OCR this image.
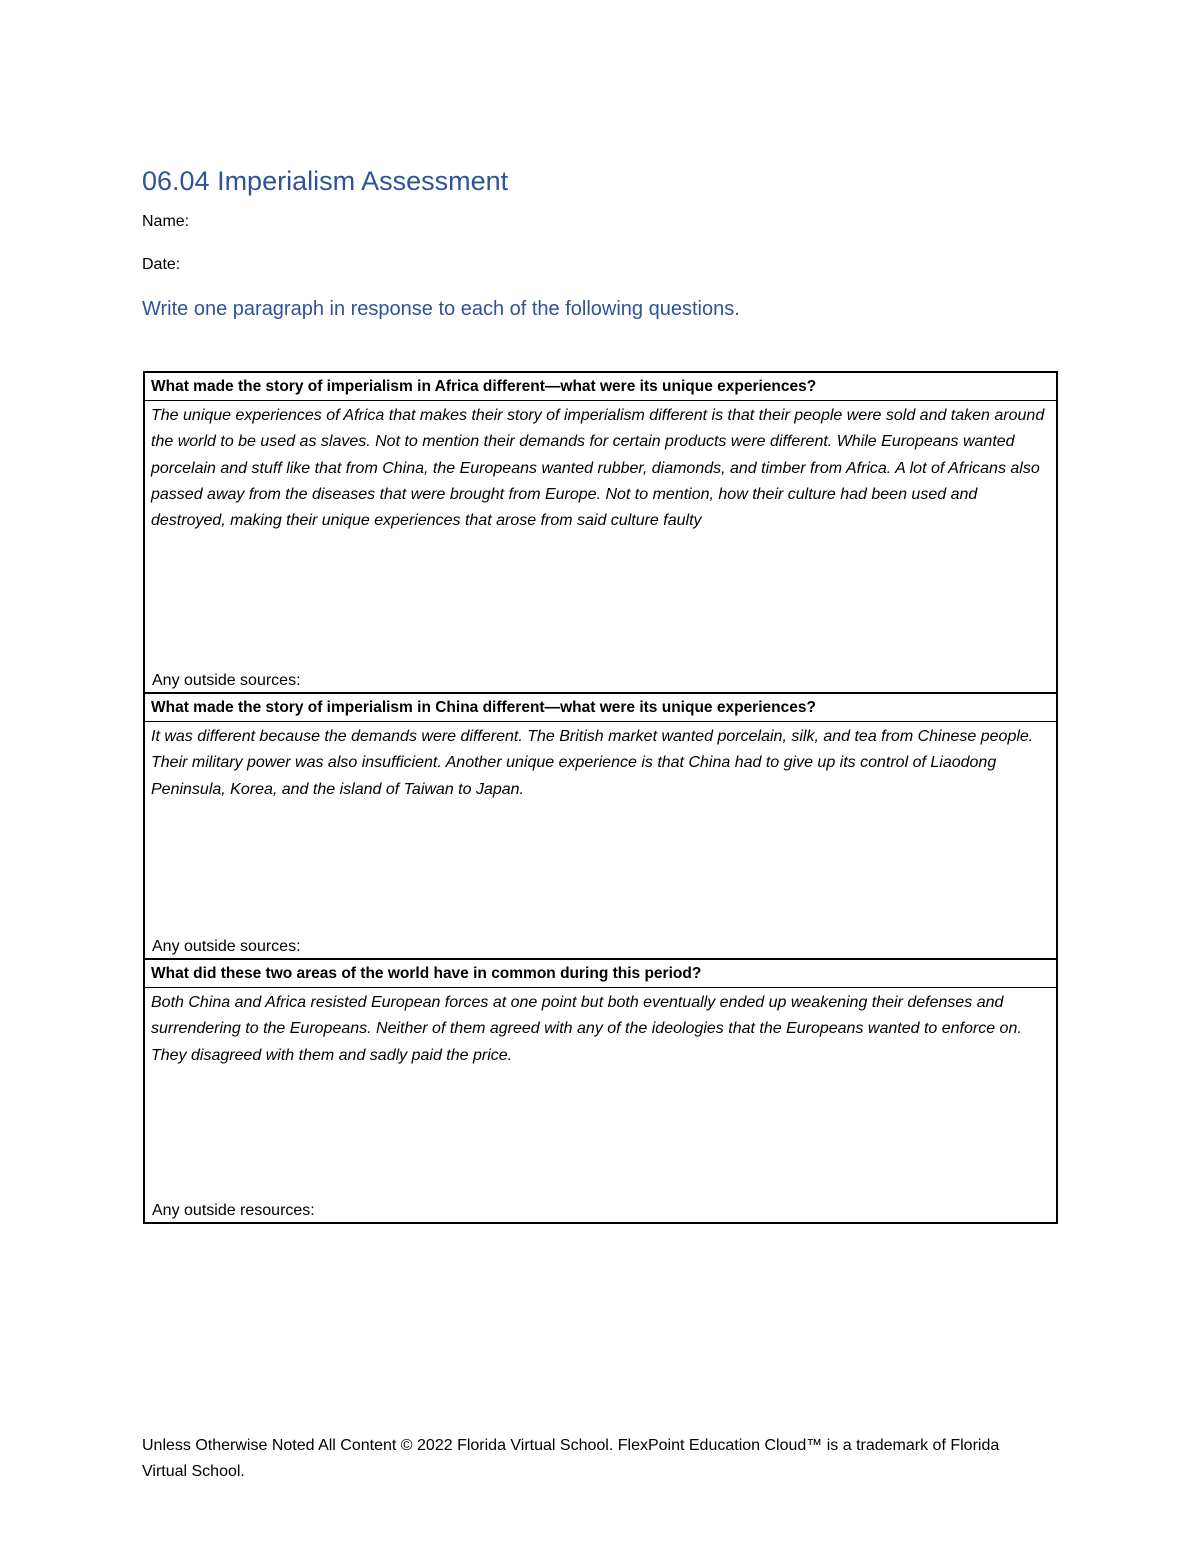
06.04 Imperialism Assessment
Name:
Date:
Write one paragraph in response to each of the following questions.
What made the story of imperialism in Africa different—what were its unique experiences?

The unique experiences of Africa that makes their story of imperialism different is that their people were sold and taken around the world to be used as slaves. Not to mention their demands for certain products were different. While Europeans wanted porcelain and stuff like that from China, the Europeans wanted rubber, diamonds, and timber from Africa. A lot of Africans also passed away from the diseases that were brought from Europe. Not to mention, how their culture had been used and destroyed, making their unique experiences that arose from said culture faulty
Any outside sources:

What made the story of imperialism in China different—what were its unique experiences?

It was different because the demands were different. The British market wanted porcelain, silk, and tea from Chinese people. Their military power was also insufficient. Another unique experience is that China had to give up its control of Liaodong Peninsula, Korea, and the island of Taiwan to Japan.
Any outside sources:

What did these two areas of the world have in common during this period?

Both China and Africa resisted European forces at one point but both eventually ended up weakening their defenses and surrendering to the Europeans. Neither of them agreed with any of the ideologies that the Europeans wanted to enforce on. They disagreed with them and sadly paid the price.
Any outside resources:
Unless Otherwise Noted All Content © 2022 Florida Virtual School. FlexPoint Education Cloud™ is a trademark of Florida Virtual School.
